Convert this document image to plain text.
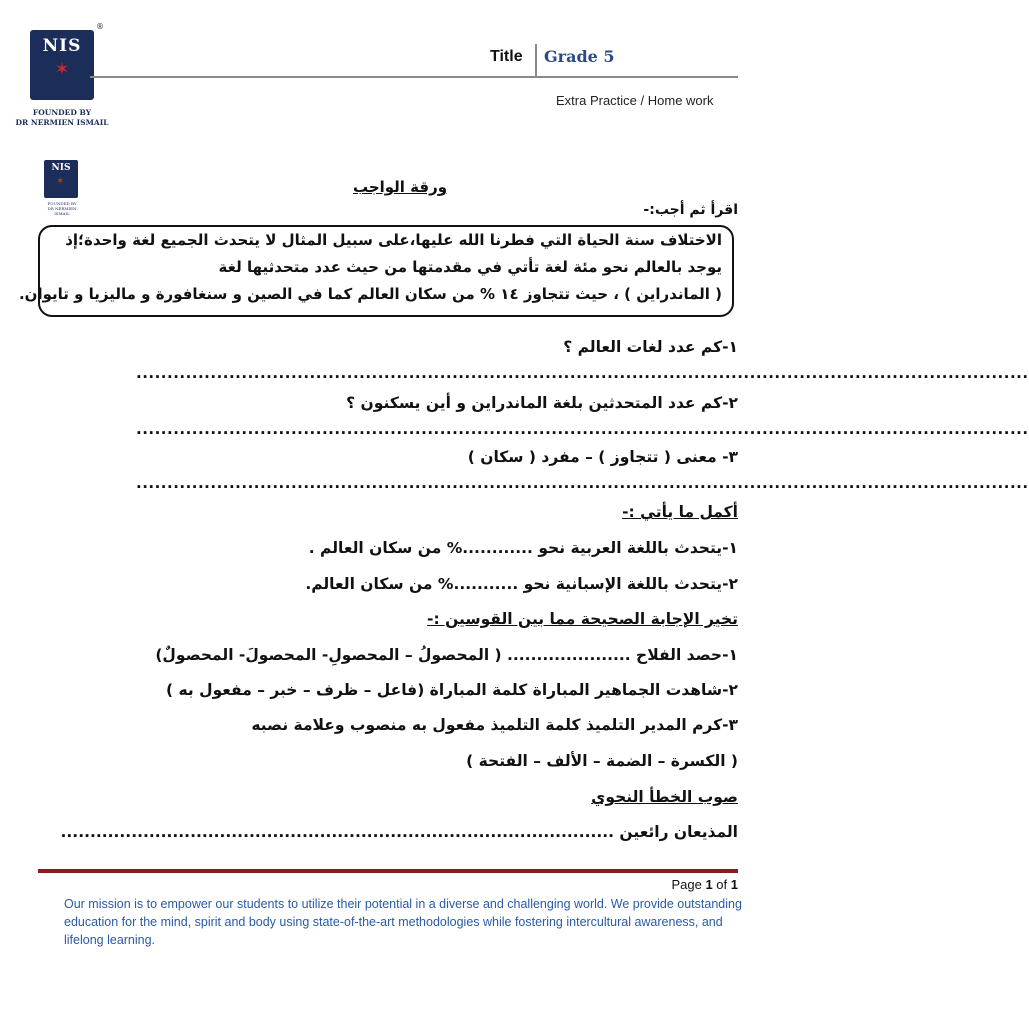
®
NIS
✶
FOUNDED BY
DR NERMIEN ISMAIL
Title Grade 5
Extra Practice / Home work
NIS
✶
FOUNDED BY
DR NERMIEN ISMAIL
ورقة الواجب
اقرأ ثم أجب:-
الاختلاف سنة الحياة التي فطرنا الله عليها،على سبيل المثال لا يتحدث الجميع لغة واحدة؛إذ
يوجد بالعالم نحو مئة لغة تأتي في مقدمتها من حيث عدد متحدثيها لغة
( الماندراين ) ، حيث تتجاوز ١٤ % من سكان العالم كما في الصين و سنغافورة و ماليزيا و تايوان.
١-كم عدد لغات العالم ؟
................................................................................................................................................
٢-كم عدد المتحدثين بلغة الماندراين و أين يسكنون ؟
................................................................................................................................................
٣- معنى ( تتجاوز ) – مفرد ( سكان )
................................................................................................................................................
أكمل ما يأتي :-
١-يتحدث باللغة العربية نحو ............% من سكان العالم .
٢-يتحدث باللغة الإسبانية نحو ...........% من سكان العالم.
تخير الإجابة الصحيحة مما بين القوسين :-
١-حصد الفلاح ..................... ( المحصولُ – المحصولِ- المحصولَ- المحصولٌ)
٢-شاهدت الجماهير المباراة كلمة المباراة (فاعل – ظرف – خبر – مفعول به )
٣-كرم المدير التلميذ كلمة التلميذ مفعول به منصوب وعلامة نصبه
( الكسرة – الضمة – الألف – الفتحة )
صوب الخطأ النحوي
المذيعان رائعين ..............................................................................................
Page 1 of 1
Our mission is to empower our students to utilize their potential in a diverse and challenging world. We provide outstanding education for the mind, spirit and body using state-of-the-art methodologies while fostering intercultural awareness, and lifelong learning.
